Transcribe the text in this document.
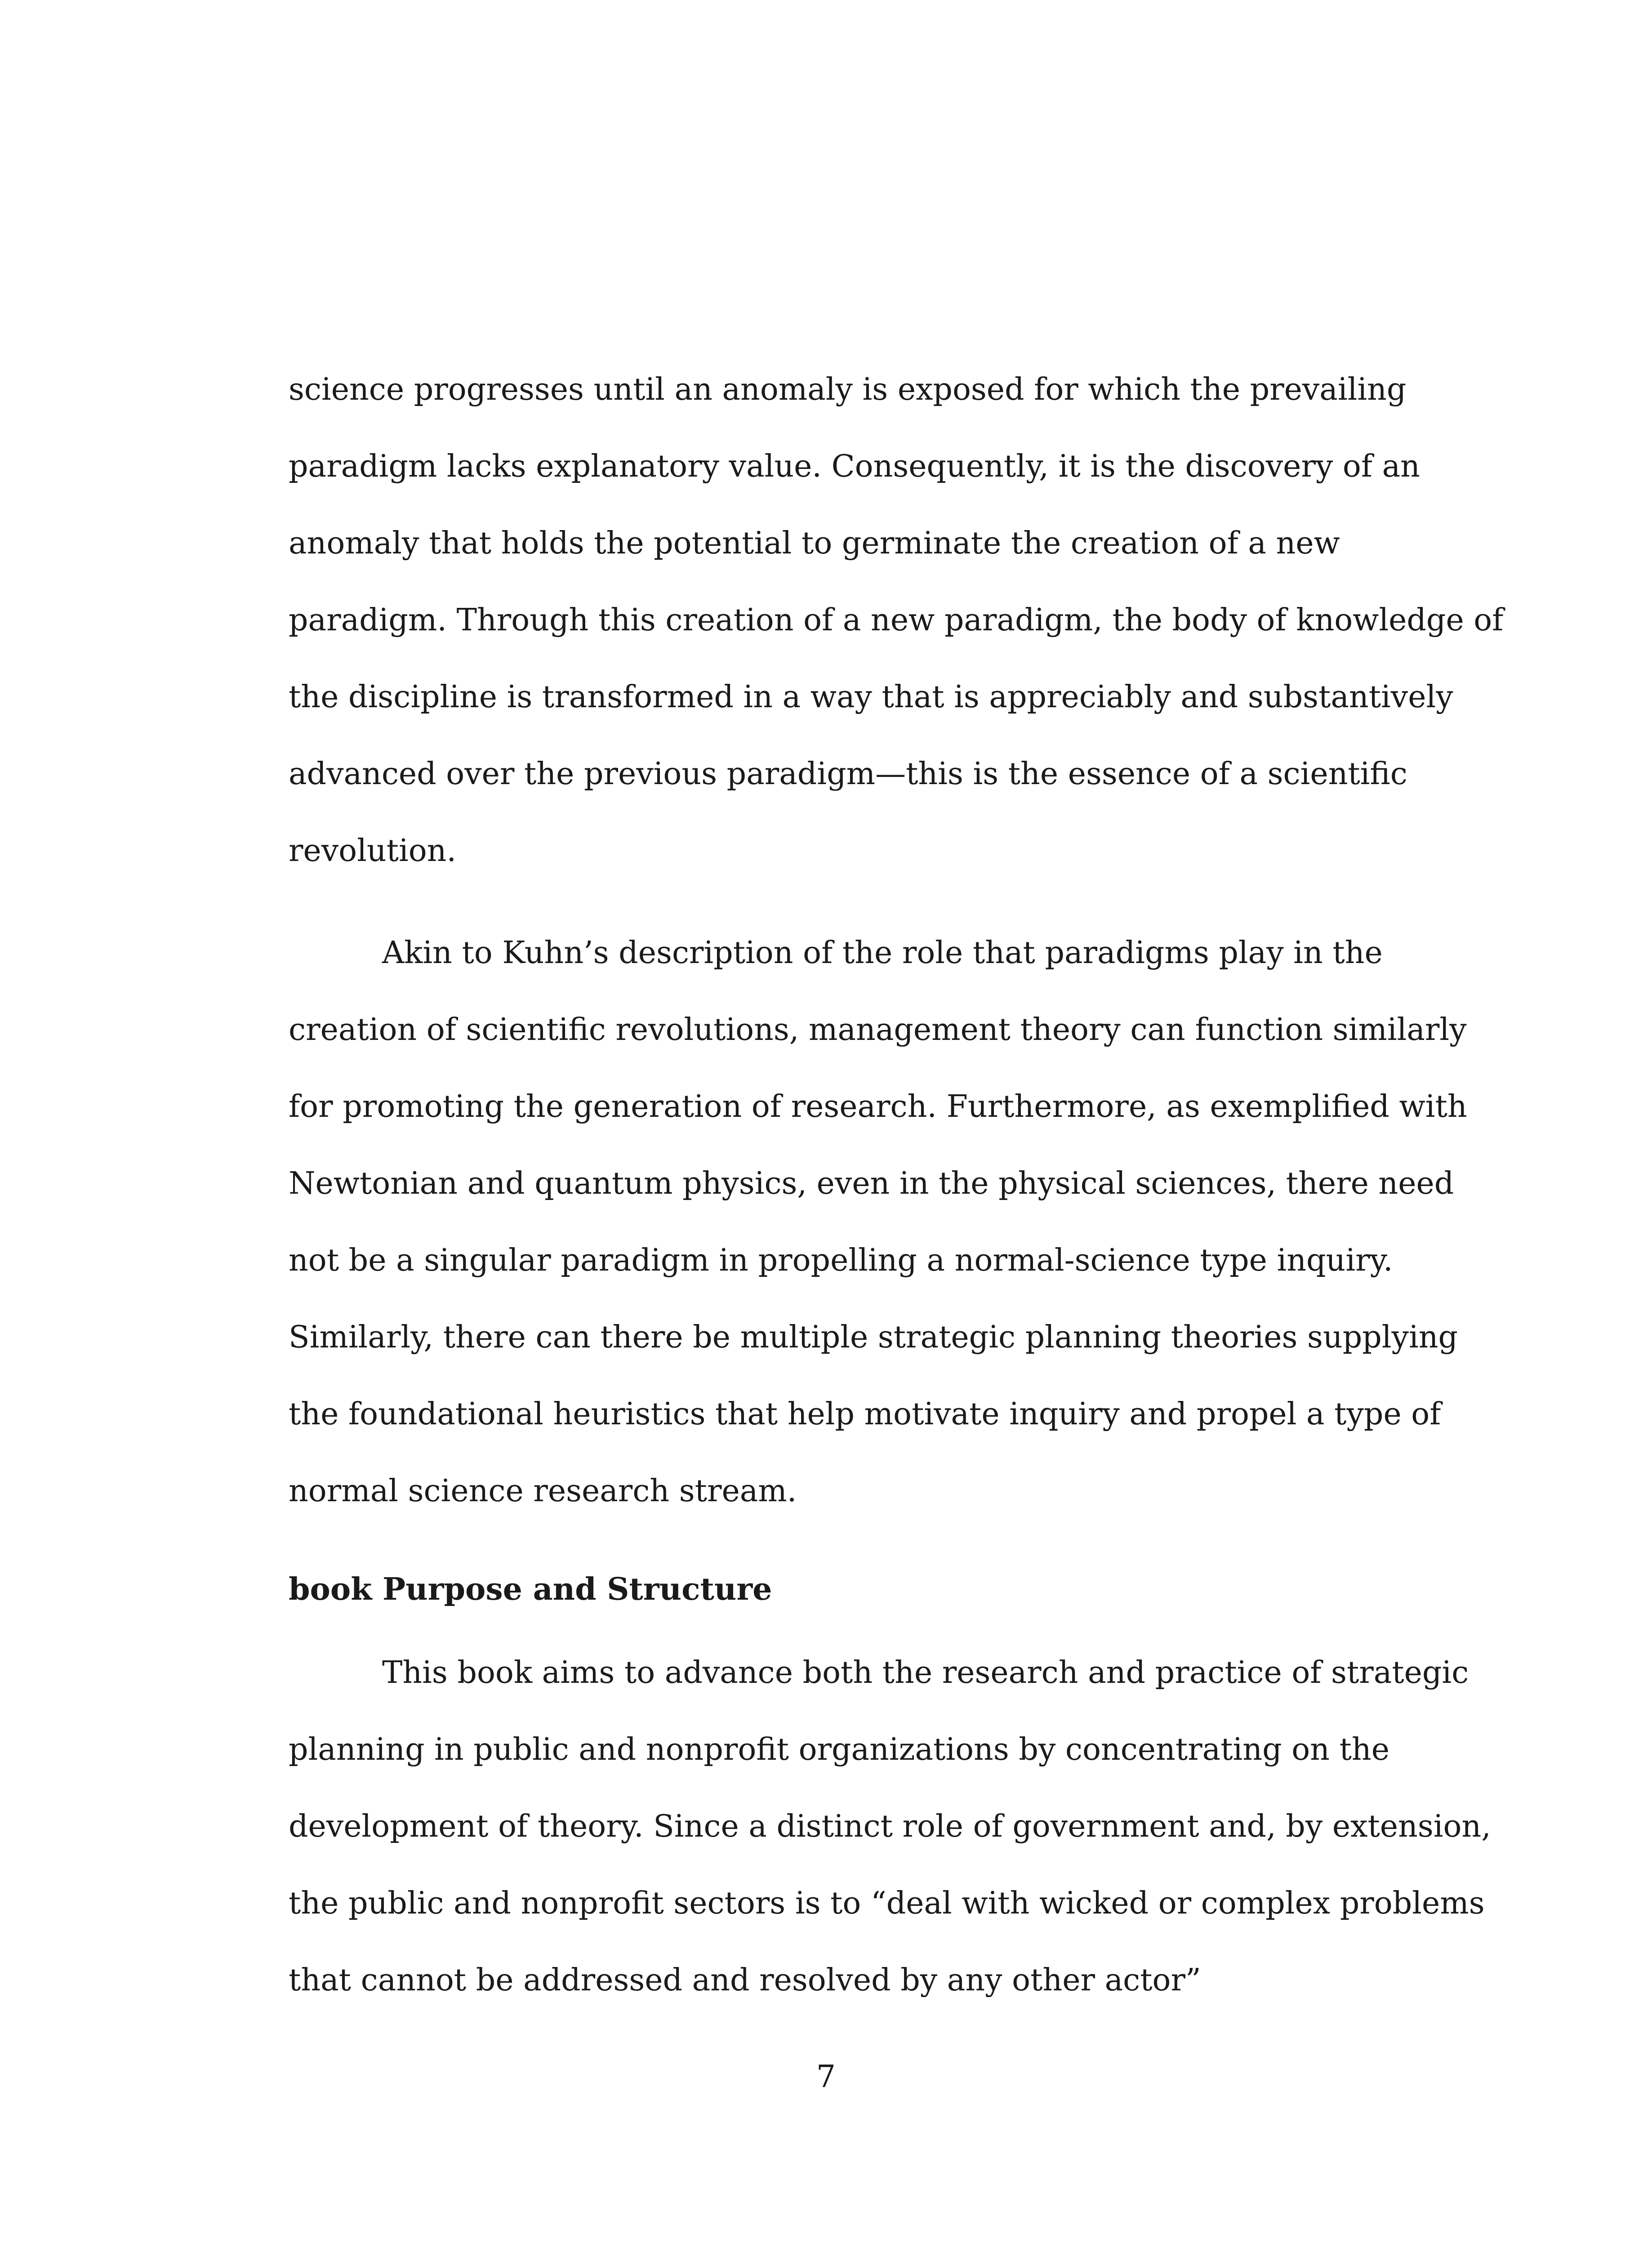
science progresses until an anomaly is exposed for which the prevailing
paradigm lacks explanatory value. Consequently, it is the discovery of an
anomaly that holds the potential to germinate the creation of a new
paradigm. Through this creation of a new paradigm, the body of knowledge of
the discipline is transformed in a way that is appreciably and substantively
advanced over the previous paradigm—this is the essence of a scientific
revolution.
Akin to Kuhn’s description of the role that paradigms play in the
creation of scientific revolutions, management theory can function similarly
for promoting the generation of research. Furthermore, as exemplified with
Newtonian and quantum physics, even in the physical sciences, there need
not be a singular paradigm in propelling a normal-science type inquiry.
Similarly, there can there be multiple strategic planning theories supplying
the foundational heuristics that help motivate inquiry and propel a type of
normal science research stream.
book Purpose and Structure
This book aims to advance both the research and practice of strategic
planning in public and nonprofit organizations by concentrating on the
development of theory. Since a distinct role of government and, by extension,
the public and nonprofit sectors is to “deal with wicked or complex problems
that cannot be addressed and resolved by any other actor”
7
